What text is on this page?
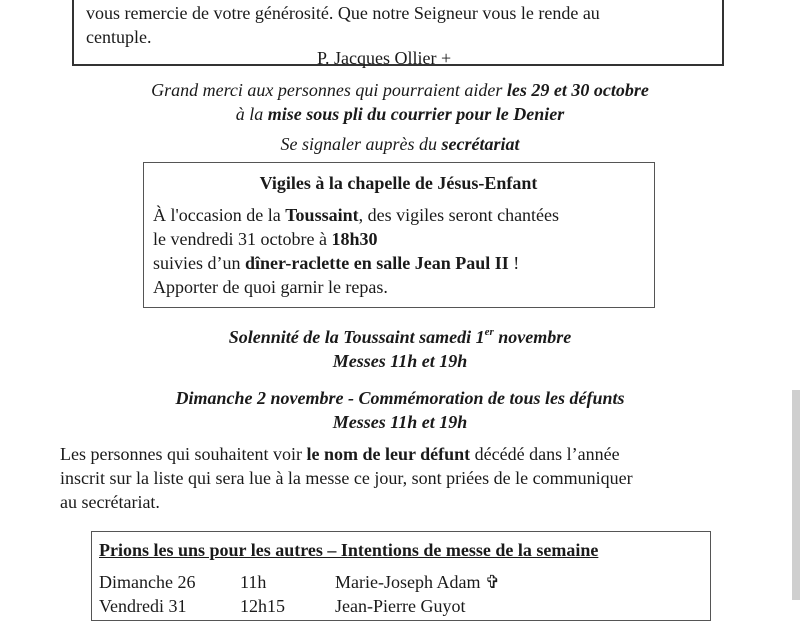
vous remercie de votre générosité. Que notre Seigneur vous le rende au
centuple.
P. Jacques Ollier +
Grand merci aux personnes qui pourraient aider les 29 et 30 octobre
à la mise sous pli du courrier pour le Denier
Se signaler auprès du secrétariat
Vigiles à la chapelle de Jésus-Enfant
À l'occasion de la Toussaint, des vigiles seront chantées
le vendredi 31 octobre à 18h30
suivies d’un dîner-raclette en salle Jean Paul II !
Apporter de quoi garnir le repas.
Solennité de la Toussaint samedi 1er novembre
Messes 11h et 19h
Dimanche 2 novembre - Commémoration de tous les défunts
Messes 11h et 19h
Les personnes qui souhaitent voir le nom de leur défunt décédé dans l’année
inscrit sur la liste qui sera lue à la messe ce jour, sont priées de le communiquer
au secrétariat.
Prions les uns pour les autres – Intentions de messe de la semaine
Dimanche 26 11h	Marie-Joseph Adam ✞
Vendredi 31	12h15	Jean-Pierre Guyot
